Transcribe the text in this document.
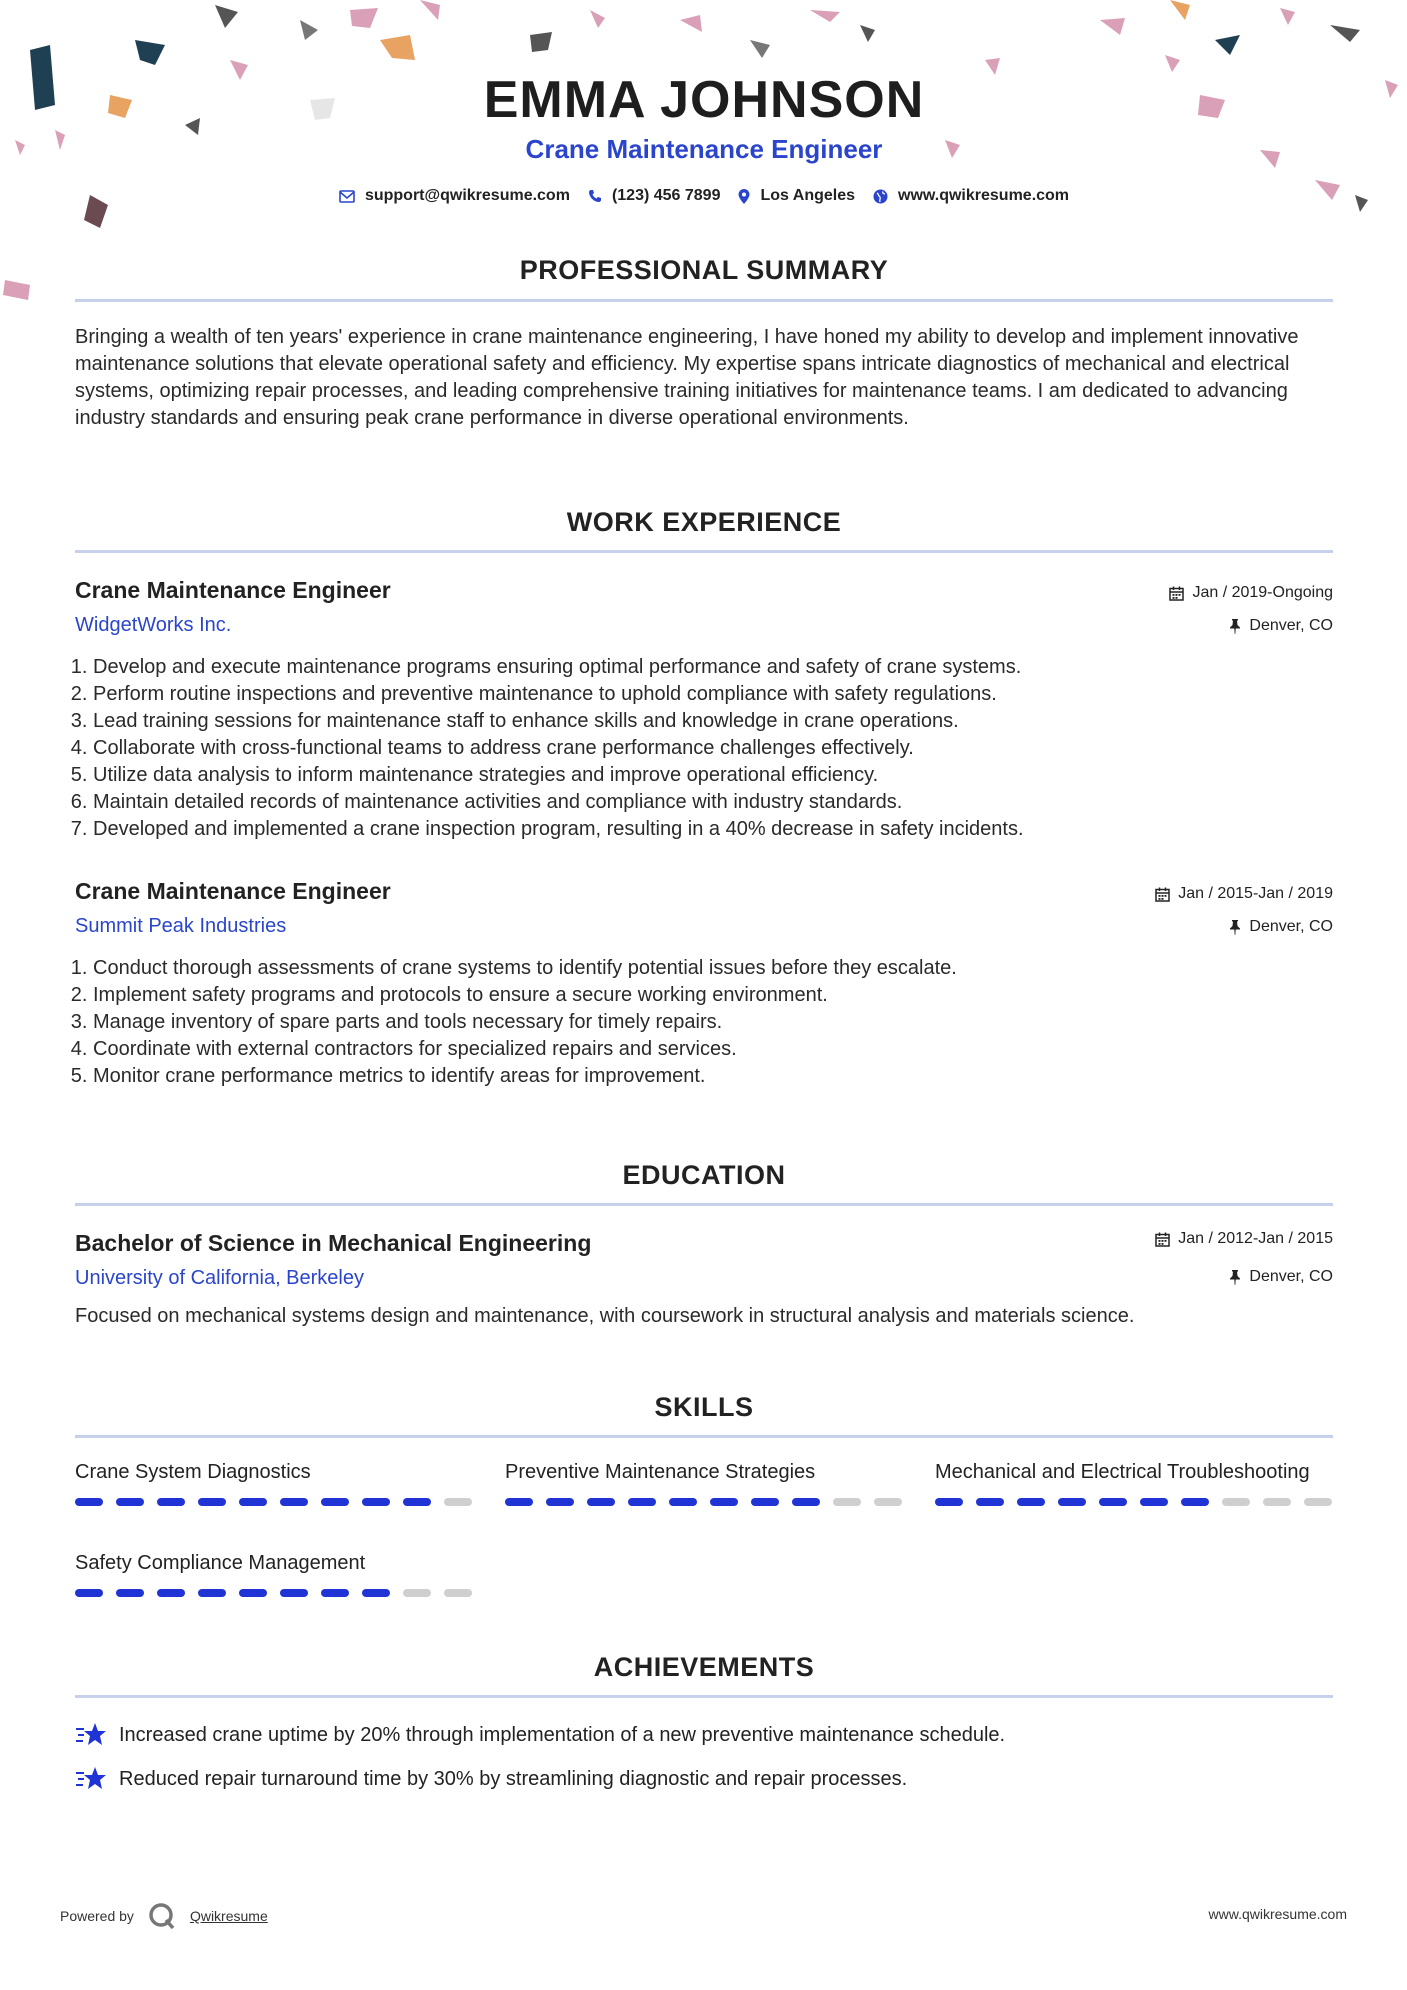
EMMA JOHNSON
Crane Maintenance Engineer
support@qwikresume.com	(123) 456 7899	Los Angeles	www.qwikresume.com
PROFESSIONAL SUMMARY
Bringing a wealth of ten years' experience in crane maintenance engineering, I have honed my ability to develop and implement innovative maintenance solutions that elevate operational safety and efficiency. My expertise spans intricate diagnostics of mechanical and electrical systems, optimizing repair processes, and leading comprehensive training initiatives for maintenance teams. I am dedicated to advancing industry standards and ensuring peak crane performance in diverse operational environments.
WORK EXPERIENCE
Crane Maintenance Engineer
WidgetWorks Inc.
Jan / 2019-Ongoing
Denver, CO
1. Develop and execute maintenance programs ensuring optimal performance and safety of crane systems.
2. Perform routine inspections and preventive maintenance to uphold compliance with safety regulations.
3. Lead training sessions for maintenance staff to enhance skills and knowledge in crane operations.
4. Collaborate with cross-functional teams to address crane performance challenges effectively.
5. Utilize data analysis to inform maintenance strategies and improve operational efficiency.
6. Maintain detailed records of maintenance activities and compliance with industry standards.
7. Developed and implemented a crane inspection program, resulting in a 40% decrease in safety incidents.
Crane Maintenance Engineer
Summit Peak Industries
Jan / 2015-Jan / 2019
Denver, CO
1. Conduct thorough assessments of crane systems to identify potential issues before they escalate.
2. Implement safety programs and protocols to ensure a secure working environment.
3. Manage inventory of spare parts and tools necessary for timely repairs.
4. Coordinate with external contractors for specialized repairs and services.
5. Monitor crane performance metrics to identify areas for improvement.
EDUCATION
Bachelor of Science in Mechanical Engineering
University of California, Berkeley
Jan / 2012-Jan / 2015
Denver, CO
Focused on mechanical systems design and maintenance, with coursework in structural analysis and materials science.
SKILLS
Crane System Diagnostics	Preventive Maintenance Strategies	Mechanical and Electrical Troubleshooting
Safety Compliance Management
ACHIEVEMENTS
Increased crane uptime by 20% through implementation of a new preventive maintenance schedule.
Reduced repair turnaround time by 30% by streamlining diagnostic and repair processes.
Powered by	Qwikresume	www.qwikresume.com
